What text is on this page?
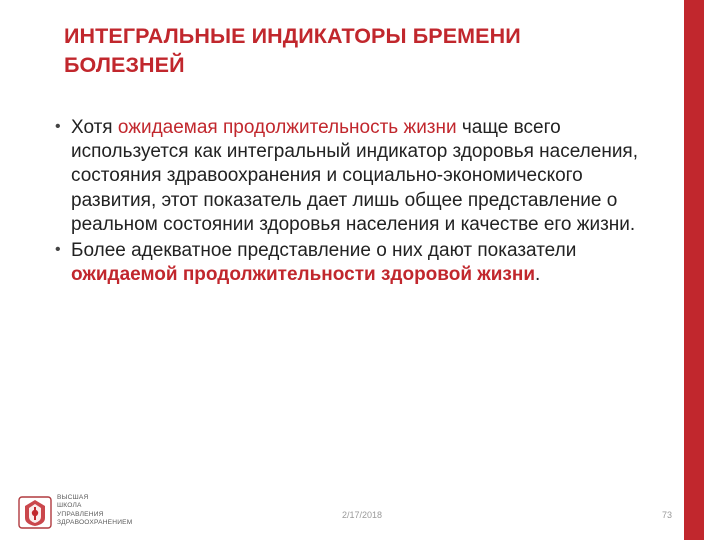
ИНТЕГРАЛЬНЫЕ ИНДИКАТОРЫ БРЕМЕНИ
БОЛЕЗНЕЙ
• Хотя ожидаемая продолжительность жизни чаще всего используется как интегральный индикатор здоровья населения, состояния здравоохранения и социально-экономического развития, этот показатель дает лишь общее представление о реальном состоянии здоровья населения и качестве его жизни.
• Более адекватное представление о них дают показатели ожидаемой продолжительности здоровой жизни.
ВЫСШАЯ
ШКОЛА
УПРАВЛЕНИЯ
ЗДРАВООХРАНЕНИЕМ
2/17/2018	73
